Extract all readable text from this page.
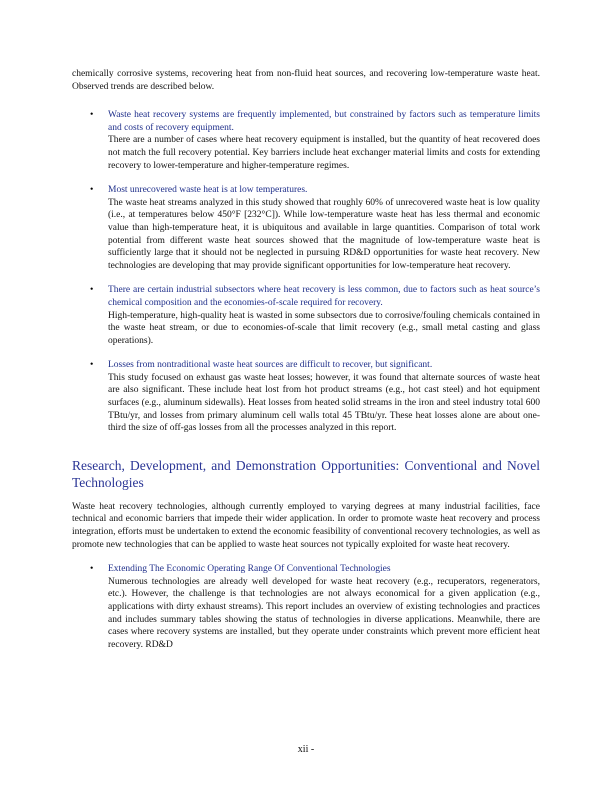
chemically corrosive systems, recovering heat from non-fluid heat sources, and recovering low-temperature waste heat. Observed trends are described below.

• Waste heat recovery systems are frequently implemented, but constrained by factors such as temperature limits and costs of recovery equipment.
There are a number of cases where heat recovery equipment is installed, but the quantity of heat recovered does not match the full recovery potential. Key barriers include heat exchanger material limits and costs for extending recovery to lower-temperature and higher-temperature regimes.

• Most unrecovered waste heat is at low temperatures.
The waste heat streams analyzed in this study showed that roughly 60% of unrecovered waste heat is low quality (i.e., at temperatures below 450°F [232°C]). While low-temperature waste heat has less thermal and economic value than high-temperature heat, it is ubiquitous and available in large quantities. Comparison of total work potential from different waste heat sources showed that the magnitude of low-temperature waste heat is sufficiently large that it should not be neglected in pursuing RD&D opportunities for waste heat recovery. New technologies are developing that may provide significant opportunities for low-temperature heat recovery.

• There are certain industrial subsectors where heat recovery is less common, due to factors such as heat source’s chemical composition and the economies-of-scale required for recovery.
High-temperature, high-quality heat is wasted in some subsectors due to corrosive/fouling chemicals contained in the waste heat stream, or due to economies-of-scale that limit recovery (e.g., small metal casting and glass operations).

• Losses from nontraditional waste heat sources are difficult to recover, but significant.
This study focused on exhaust gas waste heat losses; however, it was found that alternate sources of waste heat are also significant. These include heat lost from hot product streams (e.g., hot cast steel) and hot equipment surfaces (e.g., aluminum sidewalls). Heat losses from heated solid streams in the iron and steel industry total 600 TBtu/yr, and losses from primary aluminum cell walls total 45 TBtu/yr. These heat losses alone are about one-third the size of off-gas losses from all the processes analyzed in this report.

Research, Development, and Demonstration Opportunities: Conventional and Novel Technologies

Waste heat recovery technologies, although currently employed to varying degrees at many industrial facilities, face technical and economic barriers that impede their wider application. In order to promote waste heat recovery and process integration, efforts must be undertaken to extend the economic feasibility of conventional recovery technologies, as well as promote new technologies that can be applied to waste heat sources not typically exploited for waste heat recovery.

• Extending The Economic Operating Range Of Conventional Technologies
Numerous technologies are already well developed for waste heat recovery (e.g., recuperators, regenerators, etc.). However, the challenge is that technologies are not always economical for a given application (e.g., applications with dirty exhaust streams). This report includes an overview of existing technologies and practices and includes summary tables showing the status of technologies in diverse applications. Meanwhile, there are cases where recovery systems are installed, but they operate under constraints which prevent more efficient heat recovery. RD&D

xii -
